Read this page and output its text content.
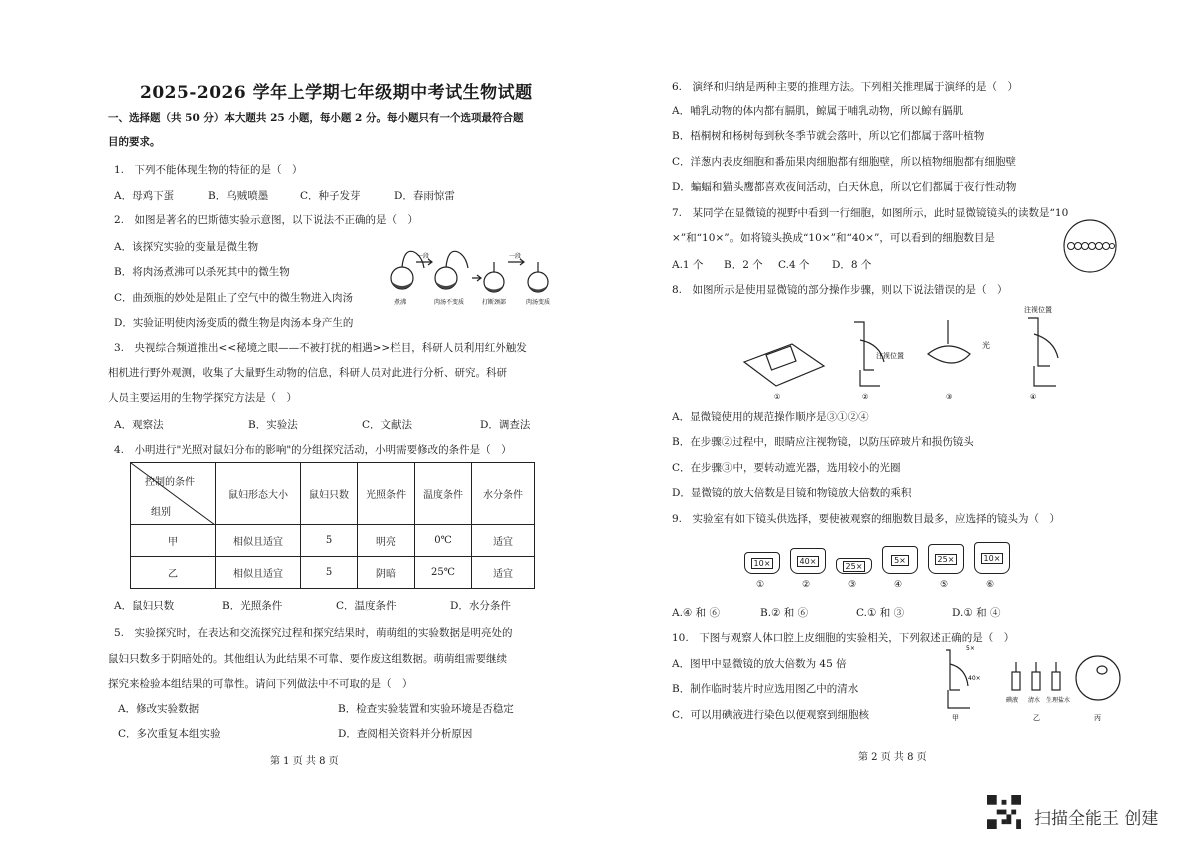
2025-2026 学年上学期七年级期中考试生物试题
一、选择题（共 50 分）本大题共 25 小题，每小题 2 分。每小题只有一个选项最符合题
目的要求。
1.　下列不能体现生物的特征的是（　）
A．母鸡下蛋	B．乌贼喷墨	C．种子发芽	D．春雨惊雷
2.　如图是著名的巴斯德实验示意图，以下说法不正确的是（　）
A．该探究实验的变量是微生物
B．将肉汤煮沸可以杀死其中的微生物
C．曲颈瓶的妙处是阻止了空气中的微生物进入肉汤
D．实验证明使肉汤变质的微生物是肉汤本身产生的
一段	一段
煮沸	肉汤不变质	打断颈部	肉汤变质
3.　央视综合频道推出<<秘境之眼——不被打扰的相遇>>栏目，科研人员利用红外触发
相机进行野外观测，收集了大量野生动物的信息，科研人员对此进行分析、研究。科研
人员主要运用的生物学探究方法是（　）
A．观察法	B．实验法	C．文献法	D．调查法
4.　小明进行"光照对鼠妇分布的影响"的分组探究活动，小明需要修改的条件是（　）
控制的条件
组别	鼠妇形态大小	鼠妇只数	光照条件	温度条件	水分条件
甲	相似且适宜	5	明亮	0℃	适宜
乙	相似且适宜	5	阴暗	25℃	适宜
A．鼠妇只数	B．光照条件	C．温度条件	D．水分条件
5.　实验探究时，在表达和交流探究过程和探究结果时，萌萌组的实验数据是明亮处的
鼠妇只数多于阴暗处的。其他组认为此结果不可靠、要作废这组数据。萌萌组需要继续
探究来检验本组结果的可靠性。请问下列做法中不可取的是（　）
A．修改实验数据	B．检查实验装置和实验环境是否稳定
C．多次重复本组实验	D．查阅相关资料并分析原因
第 1 页 共 8 页
6.　演绎和归纳是两种主要的推理方法。下列相关推理属于演绎的是（　）
A．哺乳动物的体内都有膈肌，鲸属于哺乳动物，所以鲸有膈肌
B．梧桐树和杨树每到秋冬季节就会落叶，所以它们都属于落叶植物
C．洋葱内表皮细胞和番茄果肉细胞都有细胞壁，所以植物细胞都有细胞壁
D．蝙蝠和猫头鹰都喜欢夜间活动，白天休息，所以它们都属于夜行性动物
7.　某同学在显微镜的视野中看到一行细胞，如图所示，此时显微镜镜头的读数是“10
×”和“10×”。如将镜头换成“10×”和“40×”，可以看到的细胞数目是
A.1 个 B．2 个 C.4 个 D．8 个
8.　如图所示是使用显微镜的部分操作步骤，则以下说法错误的是（　）
①	②	③	④
注视位置
注视位置
光
A．显微镜使用的规范操作顺序是③①②④
B．在步骤②过程中，眼睛应注视物镜，以防压碎玻片和损伤镜头
C．在步骤③中，要转动遮光器，选用较小的光圈
D．显微镜的放大倍数是目镜和物镜放大倍数的乘积
9.　实验室有如下镜头供选择，要使被观察的细胞数目最多，应选择的镜头为（　）
10×
①
40×
②
25×
③
5×
④
25×
⑤
10×
⑥
A.④ 和 ⑥	B.② 和 ⑥	C.① 和 ③	D.① 和 ④
10.　下图与观察人体口腔上皮细胞的实验相关，下列叙述正确的是（　）
A．图甲中显微镜的放大倍数为 45 倍
B．制作临时装片时应选用图乙中的清水
C．可以用碘液进行染色以便观察到细胞核
5×
40×
碘液 清水 生理盐水
甲	乙	丙
第 2 页 共 8 页
扫描全能王 创建
